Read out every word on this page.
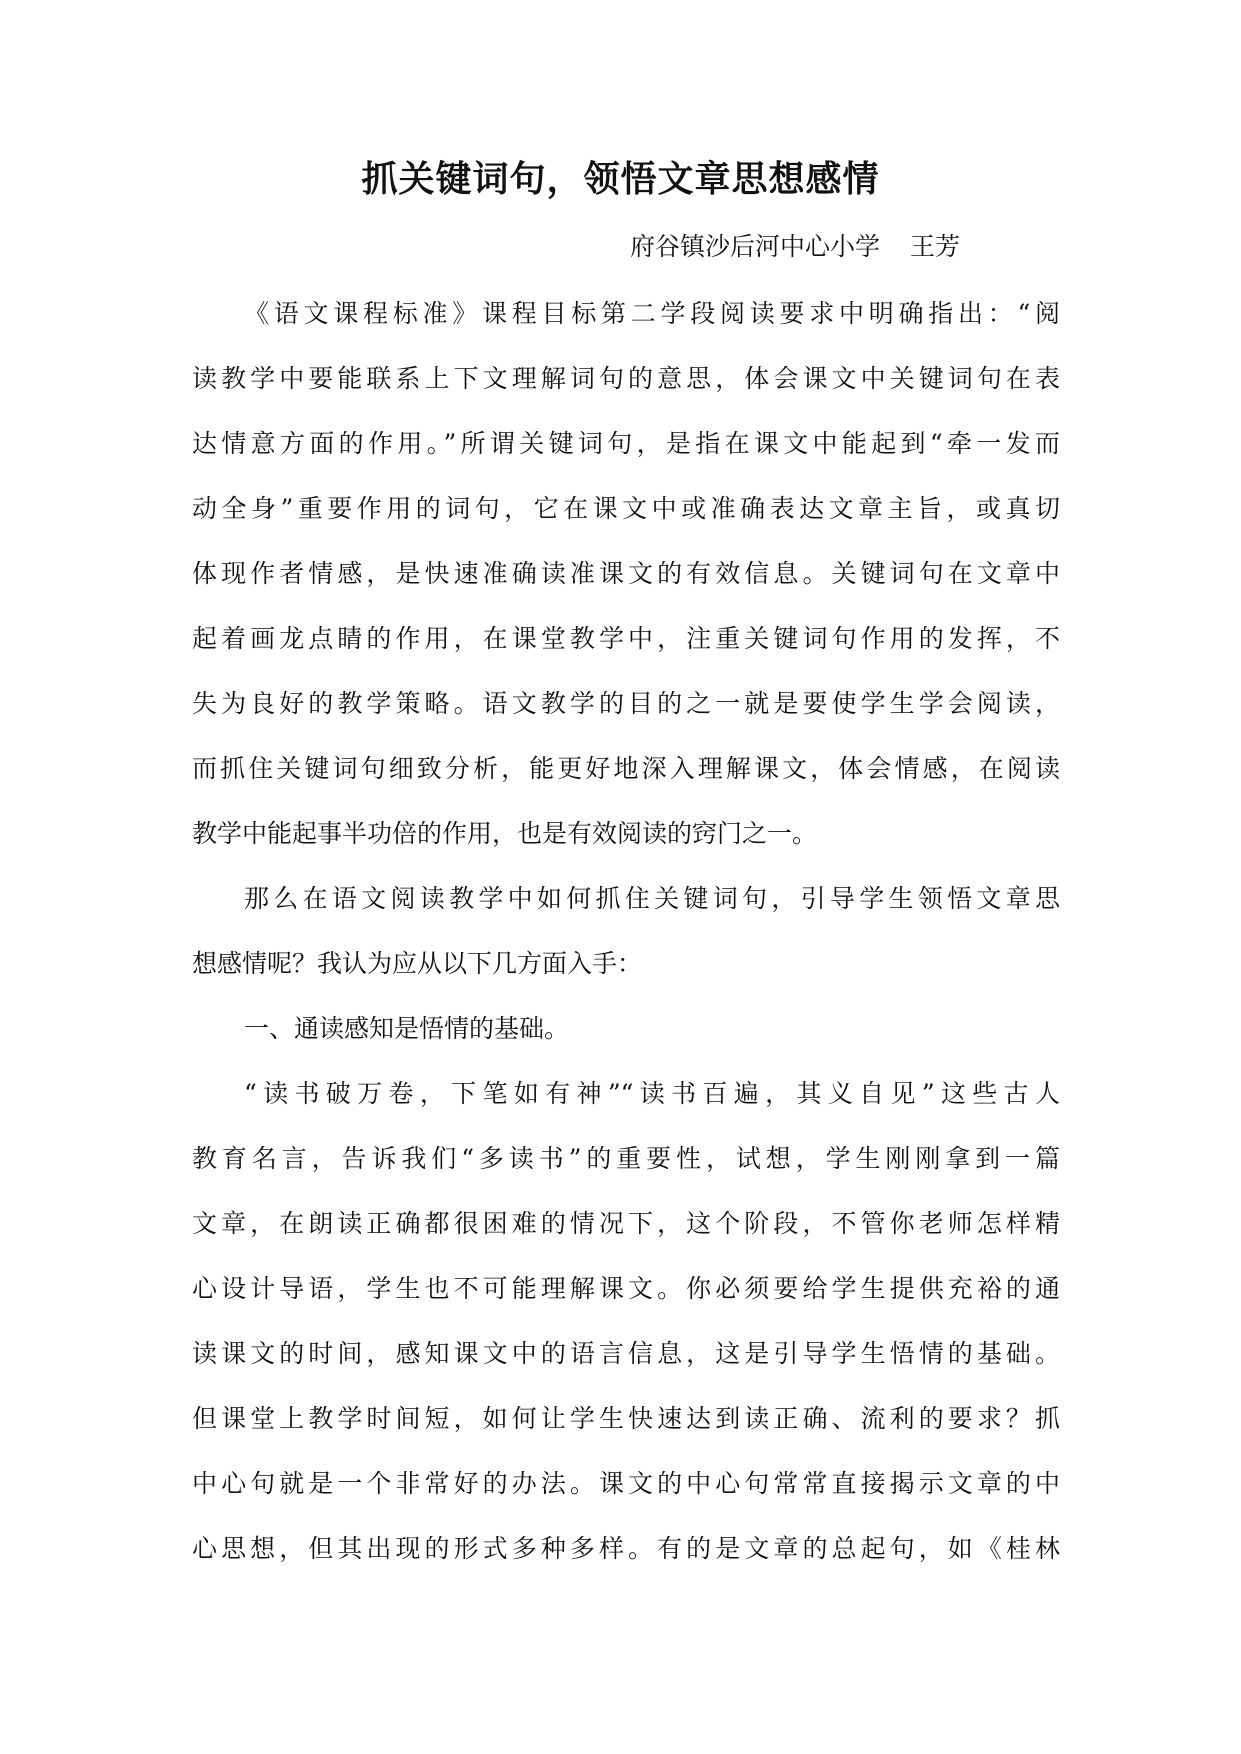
抓关键词句，领悟文章思想感情
府谷镇沙后河中心小学 王芳
《语文课程标准》课程目标第二学段阅读要求中明确指出：“阅
读教学中要能联系上下文理解词句的意思，体会课文中关键词句在表
达情意方面的作用。”所谓关键词句，是指在课文中能起到“牵一发而
动全身”重要作用的词句，它在课文中或准确表达文章主旨，或真切
体现作者情感，是快速准确读准课文的有效信息。关键词句在文章中
起着画龙点睛的作用，在课堂教学中，注重关键词句作用的发挥，不
失为良好的教学策略。语文教学的目的之一就是要使学生学会阅读，
而抓住关键词句细致分析，能更好地深入理解课文，体会情感，在阅读
教学中能起事半功倍的作用，也是有效阅读的窍门之一。
那么在语文阅读教学中如何抓住关键词句，引导学生领悟文章思
想感情呢？我认为应从以下几方面入手：
一、通读感知是悟情的基础。
“读书破万卷，下笔如有神”“读书百遍，其义自见”这些古人
教育名言，告诉我们“多读书”的重要性，试想，学生刚刚拿到一篇
文章，在朗读正确都很困难的情况下，这个阶段，不管你老师怎样精
心设计导语，学生也不可能理解课文。你必须要给学生提供充裕的通
读课文的时间，感知课文中的语言信息，这是引导学生悟情的基础。
但课堂上教学时间短，如何让学生快速达到读正确、流利的要求？抓
中心句就是一个非常好的办法。课文的中心句常常直接揭示文章的中
心思想，但其出现的形式多种多样。有的是文章的总起句，如《桂林
